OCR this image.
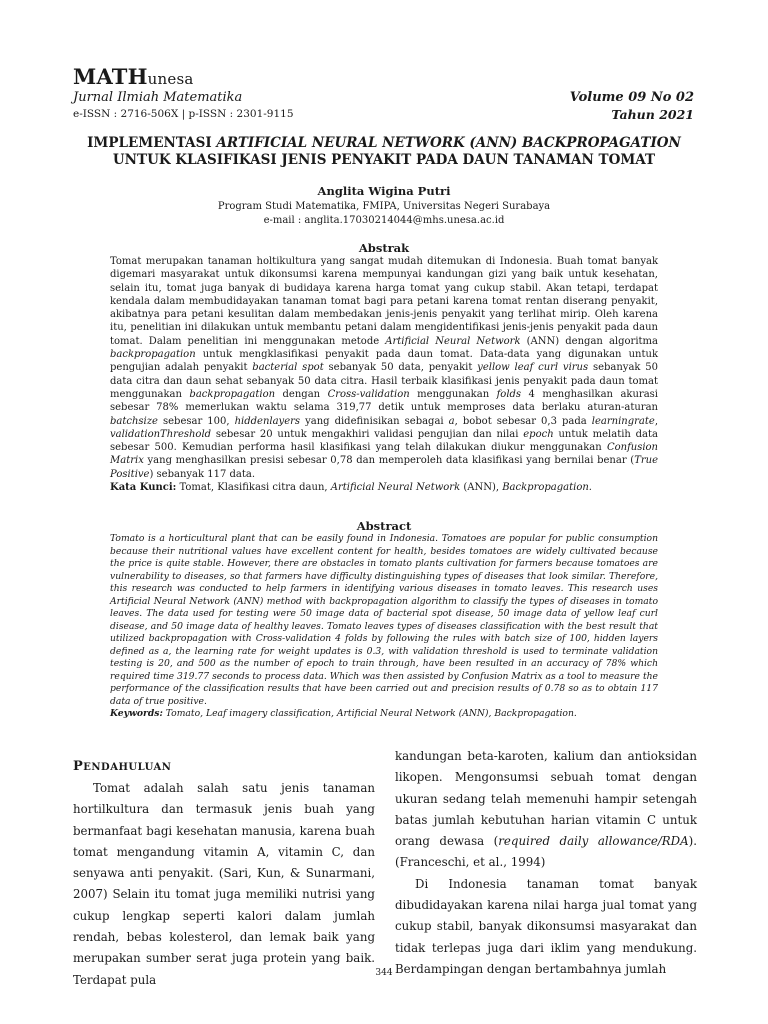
MATHunesa
Jurnal Ilmiah Matematika
e-ISSN : 2716-506X | p-ISSN : 2301-9115
Volume 09 No 02
Tahun 2021
IMPLEMENTASI ARTIFICIAL NEURAL NETWORK (ANN) BACKPROPAGATION UNTUK KLASIFIKASI JENIS PENYAKIT PADA DAUN TANAMAN TOMAT
Anglita Wigina Putri
Program Studi Matematika, FMIPA, Universitas Negeri Surabaya
e-mail : anglita.17030214044@mhs.unesa.ac.id
Abstrak

Tomat merupakan tanaman holtikultura yang sangat mudah ditemukan di Indonesia. Buah tomat banyak digemari masyarakat untuk dikonsumsi karena mempunyai kandungan gizi yang baik untuk kesehatan, selain itu, tomat juga banyak di budidaya karena harga tomat yang cukup stabil. Akan tetapi, terdapat kendala dalam membudidayakan tanaman tomat bagi para petani karena tomat rentan diserang penyakit, akibatnya para petani kesulitan dalam membedakan jenis-jenis penyakit yang terlihat mirip. Oleh karena itu, penelitian ini dilakukan untuk membantu petani dalam mengidentifikasi jenis-jenis penyakit pada daun tomat. Dalam penelitian ini menggunakan metode Artificial Neural Network (ANN) dengan algoritma backpropagation untuk mengklasifikasi penyakit pada daun tomat. Data-data yang digunakan untuk pengujian adalah penyakit bacterial spot sebanyak 50 data, penyakit yellow leaf curl virus sebanyak 50 data citra dan daun sehat sebanyak 50 data citra. Hasil terbaik klasifikasi jenis penyakit pada daun tomat menggunakan backpropagation dengan Cross-validation menggunakan folds 4 menghasilkan akurasi sebesar 78% memerlukan waktu selama 319,77 detik untuk memproses data berlaku aturan-aturan batchsize sebesar 100, hiddenlayers yang didefinisikan sebagai a, bobot sebesar 0,3 pada learningrate, validationThreshold sebesar 20 untuk mengakhiri validasi pengujian dan nilai epoch untuk melatih data sebesar 500. Kemudian performa hasil klasifikasi yang telah dilakukan diukur menggunakan Confusion Matrix yang menghasilkan presisi sebesar 0,78 dan memperoleh data klasifikasi yang bernilai benar (True Positive) sebanyak 117 data.

Kata Kunci: Tomat, Klasifikasi citra daun, Artificial Neural Network (ANN), Backpropagation.

Abstract

Tomato is a horticultural plant that can be easily found in Indonesia. Tomatoes are popular for public consumption because their nutritional values have excellent content for health, besides tomatoes are widely cultivated because the price is quite stable. However, there are obstacles in tomato plants cultivation for farmers because tomatoes are vulnerability to diseases, so that farmers have difficulty distinguishing types of diseases that look similar. Therefore, this research was conducted to help farmers in identifying various diseases in tomato leaves. This research uses Artificial Neural Network (ANN) method with backpropagation algorithm to classify the types of diseases in tomato leaves. The data used for testing were 50 image data of bacterial spot disease, 50 image data of yellow leaf curl disease, and 50 image data of healthy leaves. Tomato leaves types of diseases classification with the best result that utilized backpropagation with Cross-validation 4 folds by following the rules with batch size of 100, hidden layers defined as a, the learning rate for weight updates is 0.3, with validation threshold is used to terminate validation testing is 20, and 500 as the number of epoch to train through, have been resulted in an accuracy of 78% which required time 319.77 seconds to process data. Which was then assisted by Confusion Matrix as a tool to measure the performance of the classification results that have been carried out and precision results of 0.78 so as to obtain 117 data of true positive.

Keywords: Tomato, Leaf imagery classification, Artificial Neural Network (ANN), Backpropagation.

PENDAHULUAN

Tomat adalah salah satu jenis tanaman hortilkultura dan termasuk jenis buah yang bermanfaat bagi kesehatan manusia, karena buah tomat mengandung vitamin A, vitamin C, dan senyawa anti penyakit. (Sari, Kun, & Sunarmani, 2007) Selain itu tomat juga memiliki nutrisi yang cukup lengkap seperti kalori dalam jumlah rendah, bebas kolesterol, dan lemak baik yang merupakan sumber serat juga protein yang baik. Terdapat pula

kandungan beta-karoten, kalium dan antioksidan likopen. Mengonsumsi sebuah tomat dengan ukuran sedang telah memenuhi hampir setengah batas jumlah kebutuhan harian vitamin C untuk orang dewasa (required daily allowance/RDA). (Franceschi, et al., 1994)

Di Indonesia tanaman tomat banyak dibudidayakan karena nilai harga jual tomat yang cukup stabil, banyak dikonsumsi masyarakat dan tidak terlepas juga dari iklim yang mendukung. Berdampingan dengan bertambahnya jumlah

344
